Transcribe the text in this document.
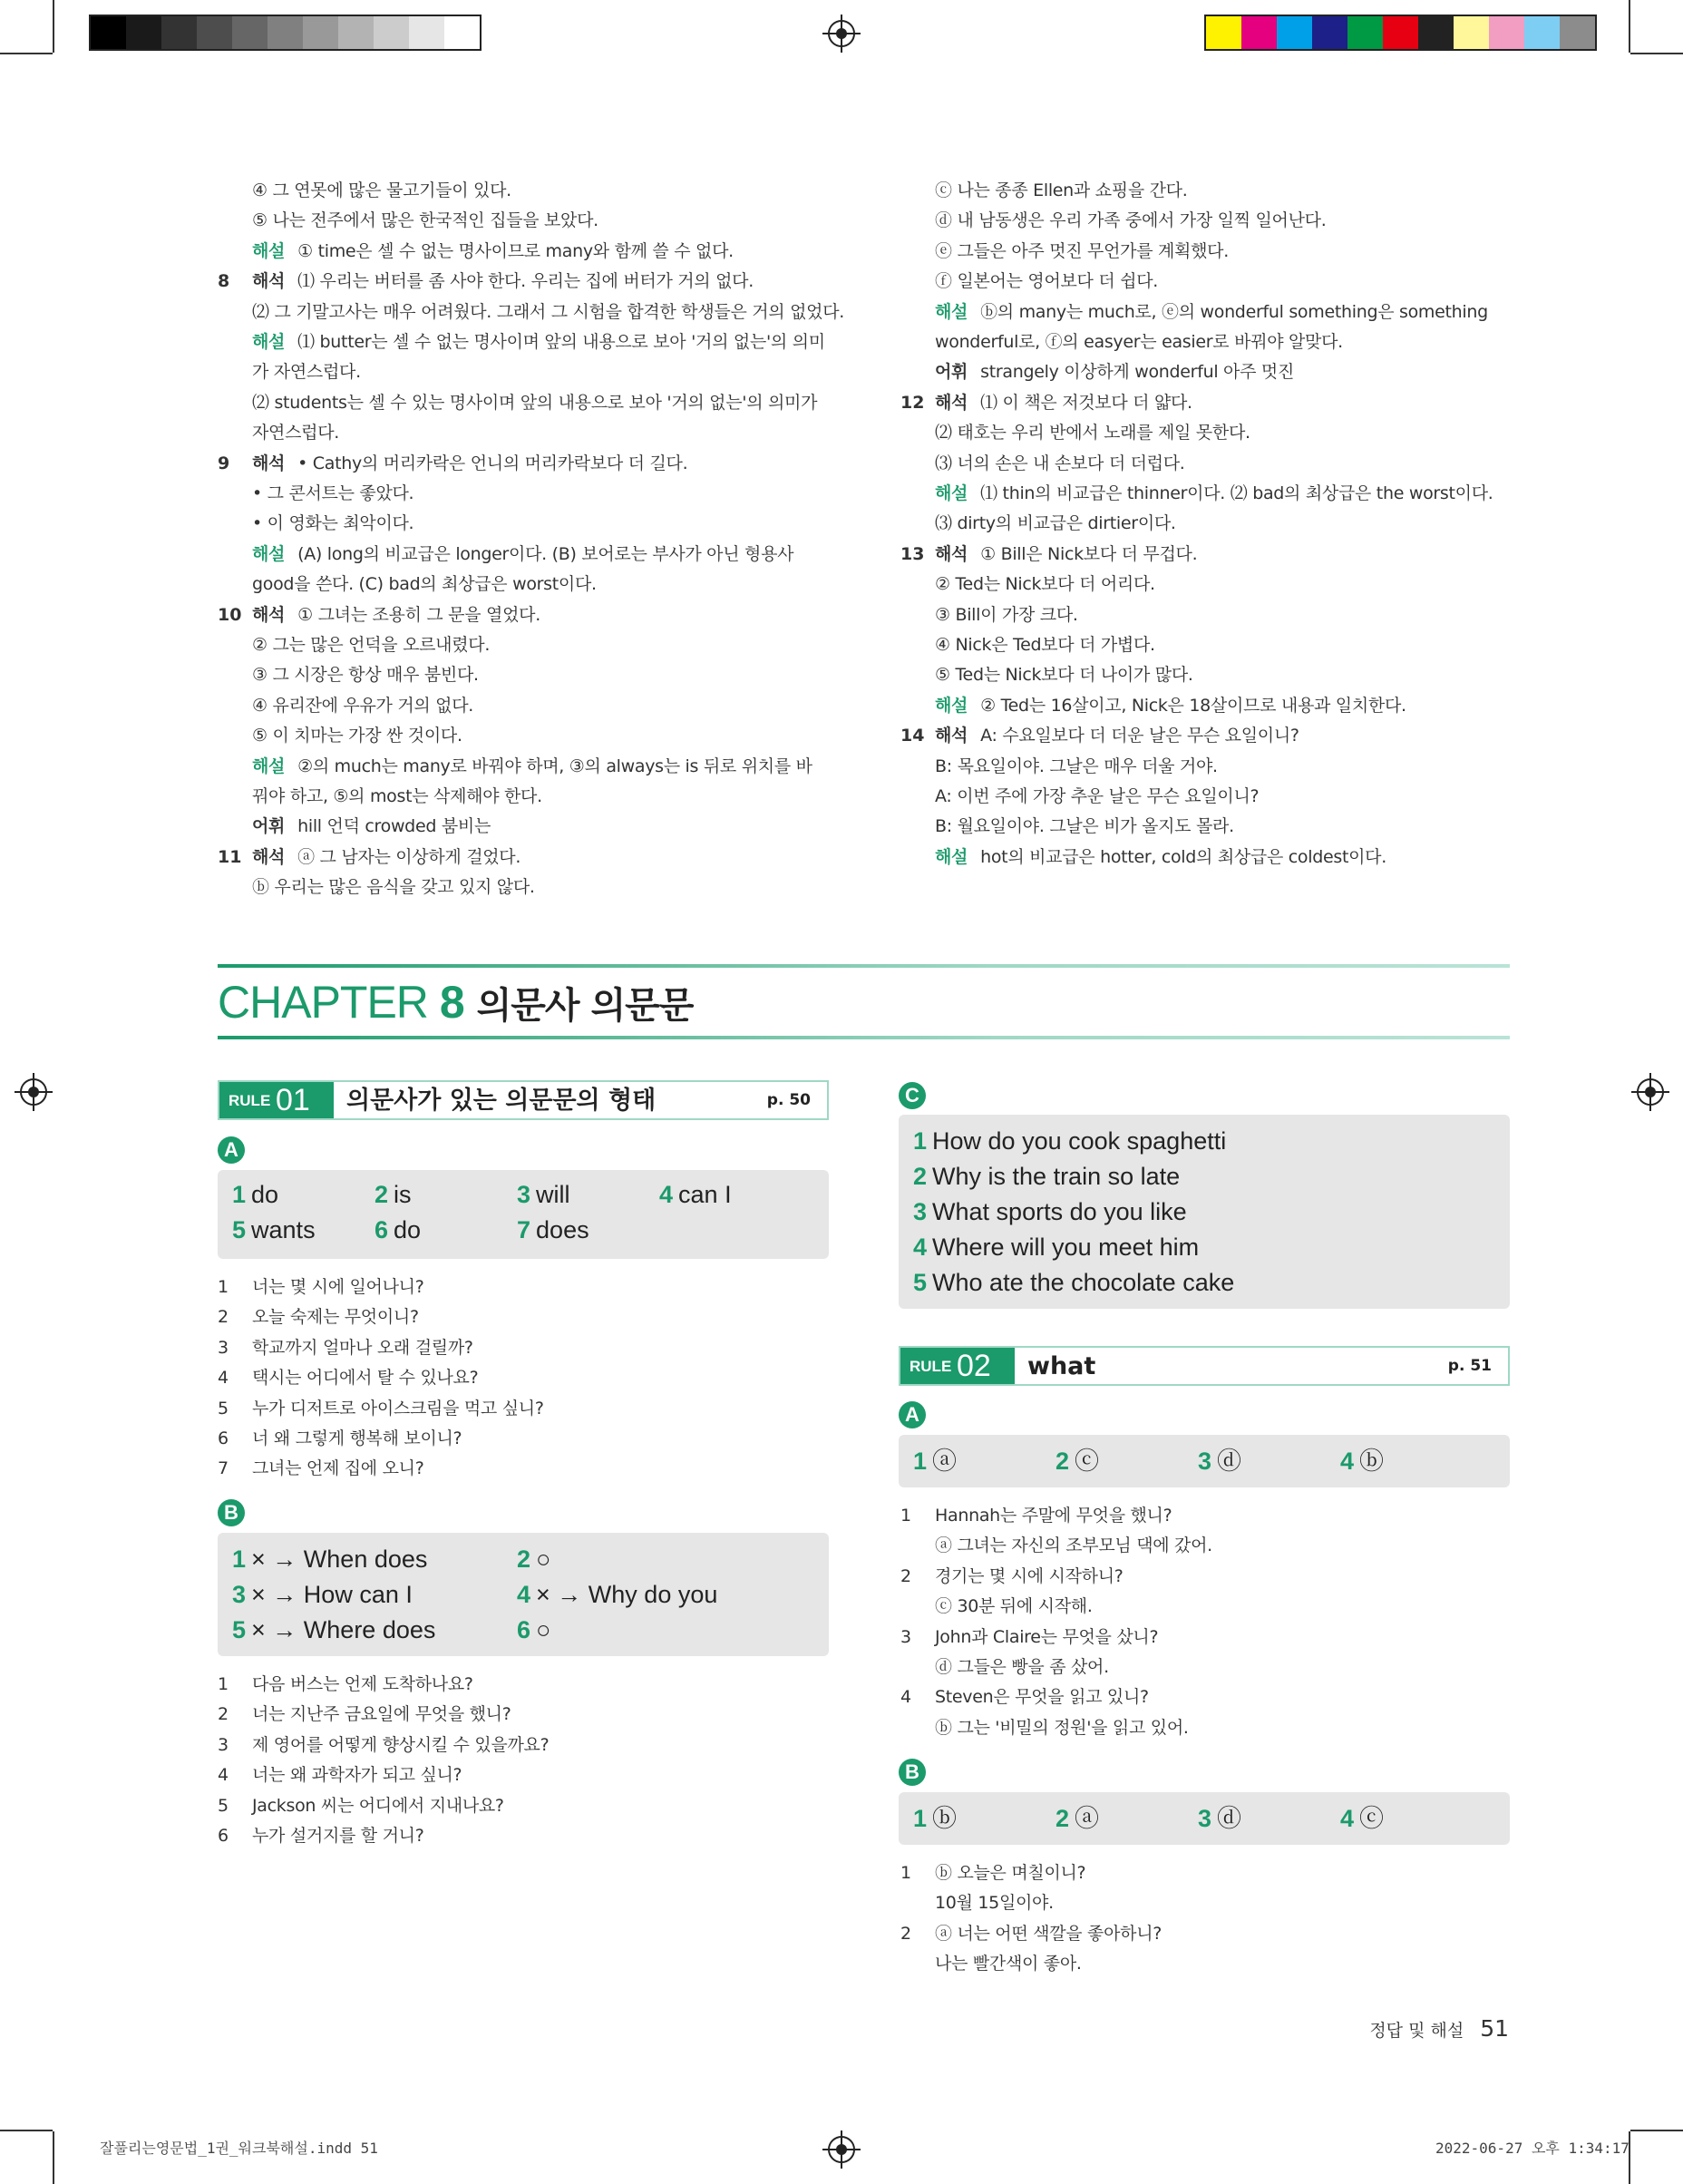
④ 그 연못에 많은 물고기들이 있다.
⑤ 나는 전주에서 많은 한국적인 집들을 보았다.
해설 ① time은 셀 수 없는 명사이므로 many와 함께 쓸 수 없다.
8 해석 ⑴ 우리는 버터를 좀 사야 한다. 우리는 집에 버터가 거의 없다.
⑵ 그 기말고사는 매우 어려웠다. 그래서 그 시험을 합격한 학생들은 거의 없었다.
해설 ⑴ butter는 셀 수 없는 명사이며 앞의 내용으로 보아 '거의 없는'의 의미
가 자연스럽다.
⑵ students는 셀 수 있는 명사이며 앞의 내용으로 보아 '거의 없는'의 의미가
자연스럽다.
9 해석 • Cathy의 머리카락은 언니의 머리카락보다 더 길다.
• 그 콘서트는 좋았다.
• 이 영화는 최악이다.
해설 (A) long의 비교급은 longer이다. (B) 보어로는 부사가 아닌 형용사
good을 쓴다. (C) bad의 최상급은 worst이다.
10 해석 ① 그녀는 조용히 그 문을 열었다.
② 그는 많은 언덕을 오르내렸다.
③ 그 시장은 항상 매우 붐빈다.
④ 유리잔에 우유가 거의 없다.
⑤ 이 치마는 가장 싼 것이다.
해설 ②의 much는 many로 바꿔야 하며, ③의 always는 is 뒤로 위치를 바
꿔야 하고, ⑤의 most는 삭제해야 한다.
어휘 hill 언덕 crowded 붐비는
11 해석 ⓐ 그 남자는 이상하게 걸었다.
ⓑ 우리는 많은 음식을 갖고 있지 않다.
ⓒ 나는 종종 Ellen과 쇼핑을 간다.
ⓓ 내 남동생은 우리 가족 중에서 가장 일찍 일어난다.
ⓔ 그들은 아주 멋진 무언가를 계획했다.
ⓕ 일본어는 영어보다 더 쉽다.
해설 ⓑ의 many는 much로, ⓔ의 wonderful something은 something
wonderful로, ⓕ의 easyer는 easier로 바꿔야 알맞다.
어휘 strangely 이상하게 wonderful 아주 멋진
12 해석 ⑴ 이 책은 저것보다 더 얇다.
⑵ 태호는 우리 반에서 노래를 제일 못한다.
⑶ 너의 손은 내 손보다 더 더럽다.
해설 ⑴ thin의 비교급은 thinner이다. ⑵ bad의 최상급은 the worst이다.
⑶ dirty의 비교급은 dirtier이다.
13 해석 ① Bill은 Nick보다 더 무겁다.
② Ted는 Nick보다 더 어리다.
③ Bill이 가장 크다.
④ Nick은 Ted보다 더 가볍다.
⑤ Ted는 Nick보다 더 나이가 많다.
해설 ② Ted는 16살이고, Nick은 18살이므로 내용과 일치한다.
14 해석 A: 수요일보다 더 더운 날은 무슨 요일이니?
B: 목요일이야. 그날은 매우 더울 거야.
A: 이번 주에 가장 추운 날은 무슨 요일이니?
B: 월요일이야. 그날은 비가 올지도 몰라.
해설 hot의 비교급은 hotter, cold의 최상급은 coldest이다.
CHAPTER 8 의문사 의문문
RULE 01 의문사가 있는 의문문의 형태	p. 50
RULE 02 what	p. 51
A
1 do	2 is	3 will	4 can I
5 wants 6 do	7 does
1 너는 몇 시에 일어나니?
2 오늘 숙제는 무엇이니?
3 학교까지 얼마나 오래 걸릴까?
4 택시는 어디에서 탈 수 있나요?
5 누가 디저트로 아이스크림을 먹고 싶니?
6 너 왜 그렇게 행복해 보이니?
7 그녀는 언제 집에 오니?
B
1 × → When does	2 ○
3 × → How can I	4 × → Why do you
5 × → Where does	6 ○
1 다음 버스는 언제 도착하나요?
2 너는 지난주 금요일에 무엇을 했니?
3 제 영어를 어떻게 향상시킬 수 있을까요?
4 너는 왜 과학자가 되고 싶니?
5 Jackson 씨는 어디에서 지내나요?
6 누가 설거지를 할 거니?
C
1 How do you cook spaghetti
2 Why is the train so late
3 What sports do you like
4 Where will you meet him
5 Who ate the chocolate cake
A
1 ⓐ	2 ⓒ	3 ⓓ	4 ⓑ
1 Hannah는 주말에 무엇을 했니?
ⓐ 그녀는 자신의 조부모님 댁에 갔어.
2 경기는 몇 시에 시작하니?
ⓒ 30분 뒤에 시작해.
3 John과 Claire는 무엇을 샀니?
ⓓ 그들은 빵을 좀 샀어.
4 Steven은 무엇을 읽고 있니?
ⓑ 그는 '비밀의 정원'을 읽고 있어.
B
1 ⓑ	2 ⓐ	3 ⓓ	4 ⓒ
1 ⓑ 오늘은 며칠이니?
10월 15일이야.
2 ⓐ 너는 어떤 색깔을 좋아하니?
나는 빨간색이 좋아.
정답 및 해설 51
잘풀리는영문법_1권_워크북해설.indd 51	2022-06-27 오후 1:34:17
